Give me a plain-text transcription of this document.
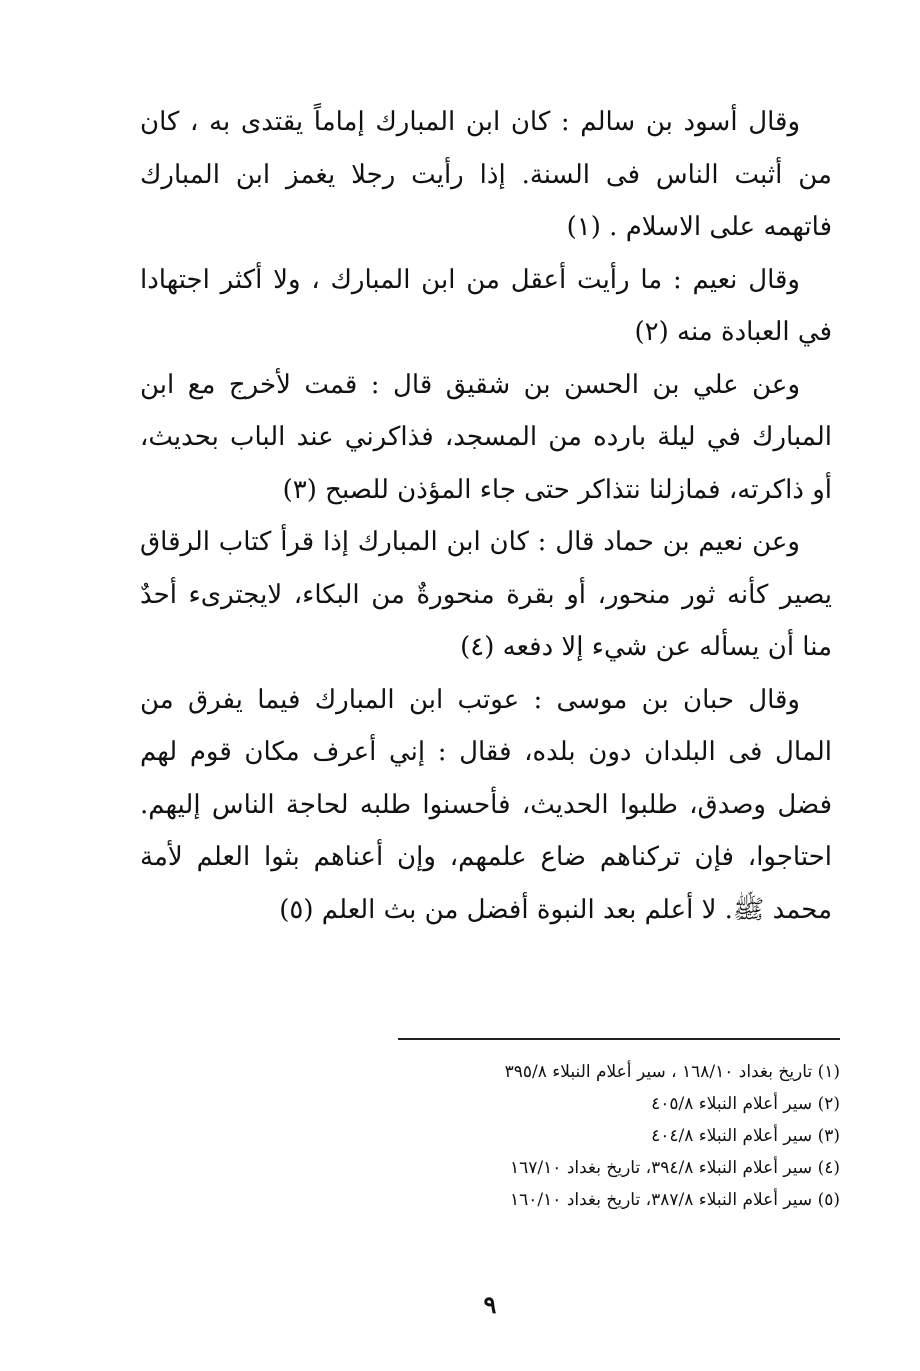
وقال أسود بن سالم : كان ابن المبارك إماماً يقتدى به ، كان من أثبت الناس فى السنة. إذا رأيت رجلا يغمز ابن المبارك فاتهمه على الاسلام . (١)

وقال نعيم : ما رأيت أعقل من ابن المبارك ، ولا أكثر اجتهادا في العبادة منه (٢)

وعن علي بن الحسن بن شقيق قال : قمت لأخرج مع ابن المبارك في ليلة بارده من المسجد، فذاكرني عند الباب بحديث، أو ذاكرته، فمازلنا نتذاكر حتى جاء المؤذن للصبح (٣)

وعن نعيم بن حماد قال : كان ابن المبارك إذا قرأ كتاب الرقاق يصير كأنه ثور منحور، أو بقرة منحورةٌ من البكاء، لايجترىء أحدٌ منا أن يسأله عن شيء إلا دفعه (٤)

وقال حبان بن موسى : عوتب ابن المبارك فيما يفرق من المال فى البلدان دون بلده، فقال : إني أعرف مكان قوم لهم فضل وصدق، طلبوا الحديث، فأحسنوا طلبه لحاجة الناس إليهم. احتاجوا، فإن تركناهم ضاع علمهم، وإن أعناهم بثوا العلم لأمة محمد ﷺ. لا أعلم بعد النبوة أفضل من بث العلم (٥)

(١) تاريخ بغداد ١٦٨/١٠ ، سير أعلام النبلاء ٣٩٥/٨
(٢) سير أعلام النبلاء ٤٠٥/٨
(٣) سير أعلام النبلاء ٤٠٤/٨
(٤) سير أعلام النبلاء ٣٩٤/٨، تاريخ بغداد ١٦٧/١٠
(٥) سير أعلام النبلاء ٣٨٧/٨، تاريخ بغداد ١٦٠/١٠
٩
